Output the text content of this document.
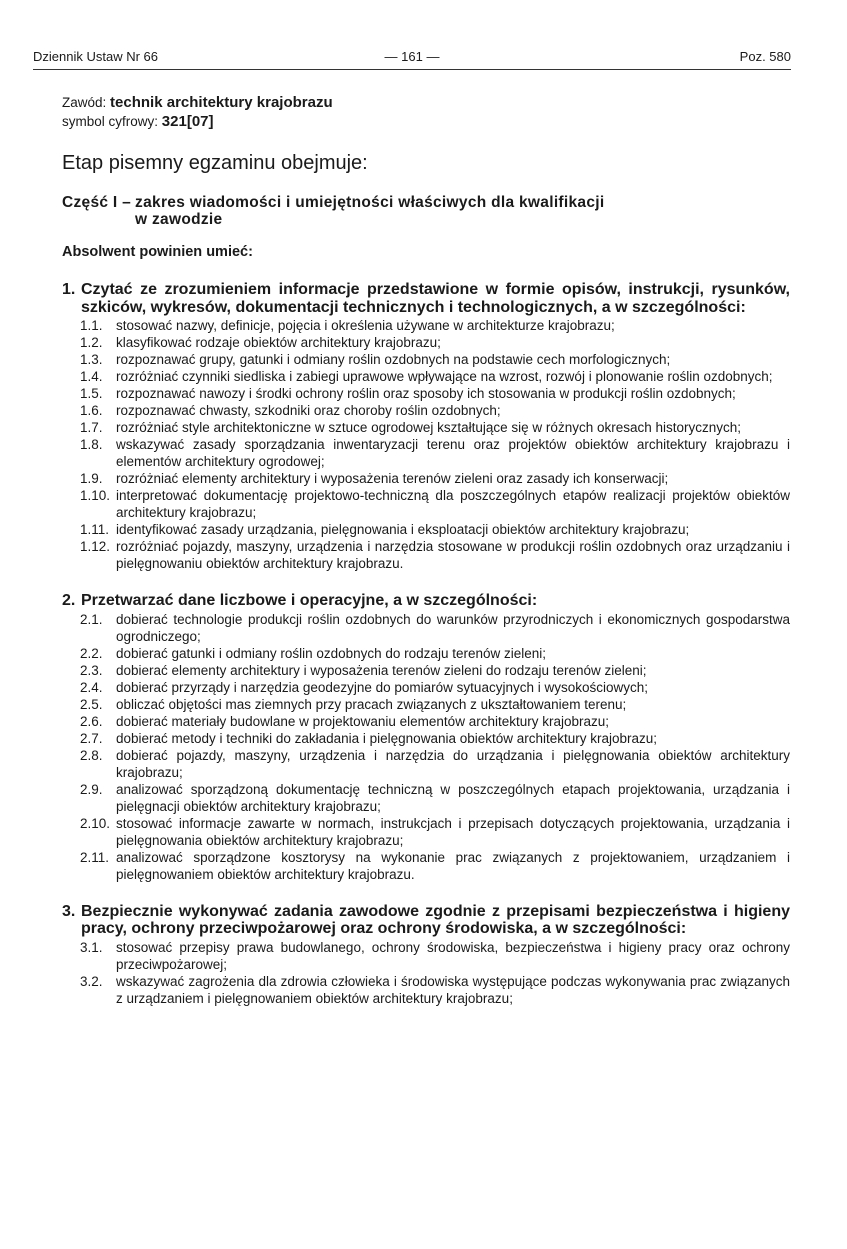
Dziennik Ustaw Nr 66	— 161 —	Poz. 580
Zawód: technik architektury krajobrazu
symbol cyfrowy: 321[07]
Etap pisemny egzaminu obejmuje:
Część I – zakres wiadomości i umiejętności właściwych dla kwalifikacji
w zawodzie
Absolwent powinien umieć:
1. Czytać ze zrozumieniem informacje przedstawione w formie opisów, instrukcji, rysunków, szkiców, wykresów, dokumentacji technicznych i technologicznych, a w szczególności:
1.1. stosować nazwy, definicje, pojęcia i określenia używane w architekturze krajobrazu;
1.2. klasyfikować rodzaje obiektów architektury krajobrazu;
1.3. rozpoznawać grupy, gatunki i odmiany roślin ozdobnych na podstawie cech morfologicznych;
1.4. rozróżniać czynniki siedliska i zabiegi uprawowe wpływające na wzrost, rozwój i plonowanie roślin ozdobnych;
1.5. rozpoznawać nawozy i środki ochrony roślin oraz sposoby ich stosowania w produkcji roślin ozdobnych;
1.6. rozpoznawać chwasty, szkodniki oraz choroby roślin ozdobnych;
1.7. rozróżniać style architektoniczne w sztuce ogrodowej kształtujące się w różnych okresach historycznych;
1.8. wskazywać zasady sporządzania inwentaryzacji terenu oraz projektów obiektów architektury krajobrazu i elementów architektury ogrodowej;
1.9. rozróżniać elementy architektury i wyposażenia terenów zieleni oraz zasady ich konserwacji;
1.10. interpretować dokumentację projektowo-techniczną dla poszczególnych etapów realizacji projektów obiektów architektury krajobrazu;
1.11. identyfikować zasady urządzania, pielęgnowania i eksploatacji obiektów architektury krajobrazu;
1.12. rozróżniać pojazdy, maszyny, urządzenia i narzędzia stosowane w produkcji roślin ozdobnych oraz urządzaniu i pielęgnowaniu obiektów architektury krajobrazu.
2. Przetwarzać dane liczbowe i operacyjne, a w szczególności:
2.1. dobierać technologie produkcji roślin ozdobnych do warunków przyrodniczych i ekonomicznych gospodarstwa ogrodniczego;
2.2. dobierać gatunki i odmiany roślin ozdobnych do rodzaju terenów zieleni;
2.3. dobierać elementy architektury i wyposażenia terenów zieleni do rodzaju terenów zieleni;
2.4. dobierać przyrządy i narzędzia geodezyjne do pomiarów sytuacyjnych i wysokościowych;
2.5. obliczać objętości mas ziemnych przy pracach związanych z ukształtowaniem terenu;
2.6. dobierać materiały budowlane w projektowaniu elementów architektury krajobrazu;
2.7. dobierać metody i techniki do zakładania i pielęgnowania obiektów architektury krajobrazu;
2.8. dobierać pojazdy, maszyny, urządzenia i narzędzia do urządzania i pielęgnowania obiektów architektury krajobrazu;
2.9. analizować sporządzoną dokumentację techniczną w poszczególnych etapach projektowania, urządzania i pielęgnacji obiektów architektury krajobrazu;
2.10. stosować informacje zawarte w normach, instrukcjach i przepisach dotyczących projektowania, urządzania i pielęgnowania obiektów architektury krajobrazu;
2.11. analizować sporządzone kosztorysy na wykonanie prac związanych z projektowaniem, urządzaniem i pielęgnowaniem obiektów architektury krajobrazu.
3. Bezpiecznie wykonywać zadania zawodowe zgodnie z przepisami bezpieczeństwa i higieny pracy, ochrony przeciwpożarowej oraz ochrony środowiska, a w szczególności:
3.1. stosować przepisy prawa budowlanego, ochrony środowiska, bezpieczeństwa i higieny pracy oraz ochrony przeciwpożarowej;
3.2. wskazywać zagrożenia dla zdrowia człowieka i środowiska występujące podczas wykonywania prac związanych z urządzaniem i pielęgnowaniem obiektów architektury krajobrazu;
